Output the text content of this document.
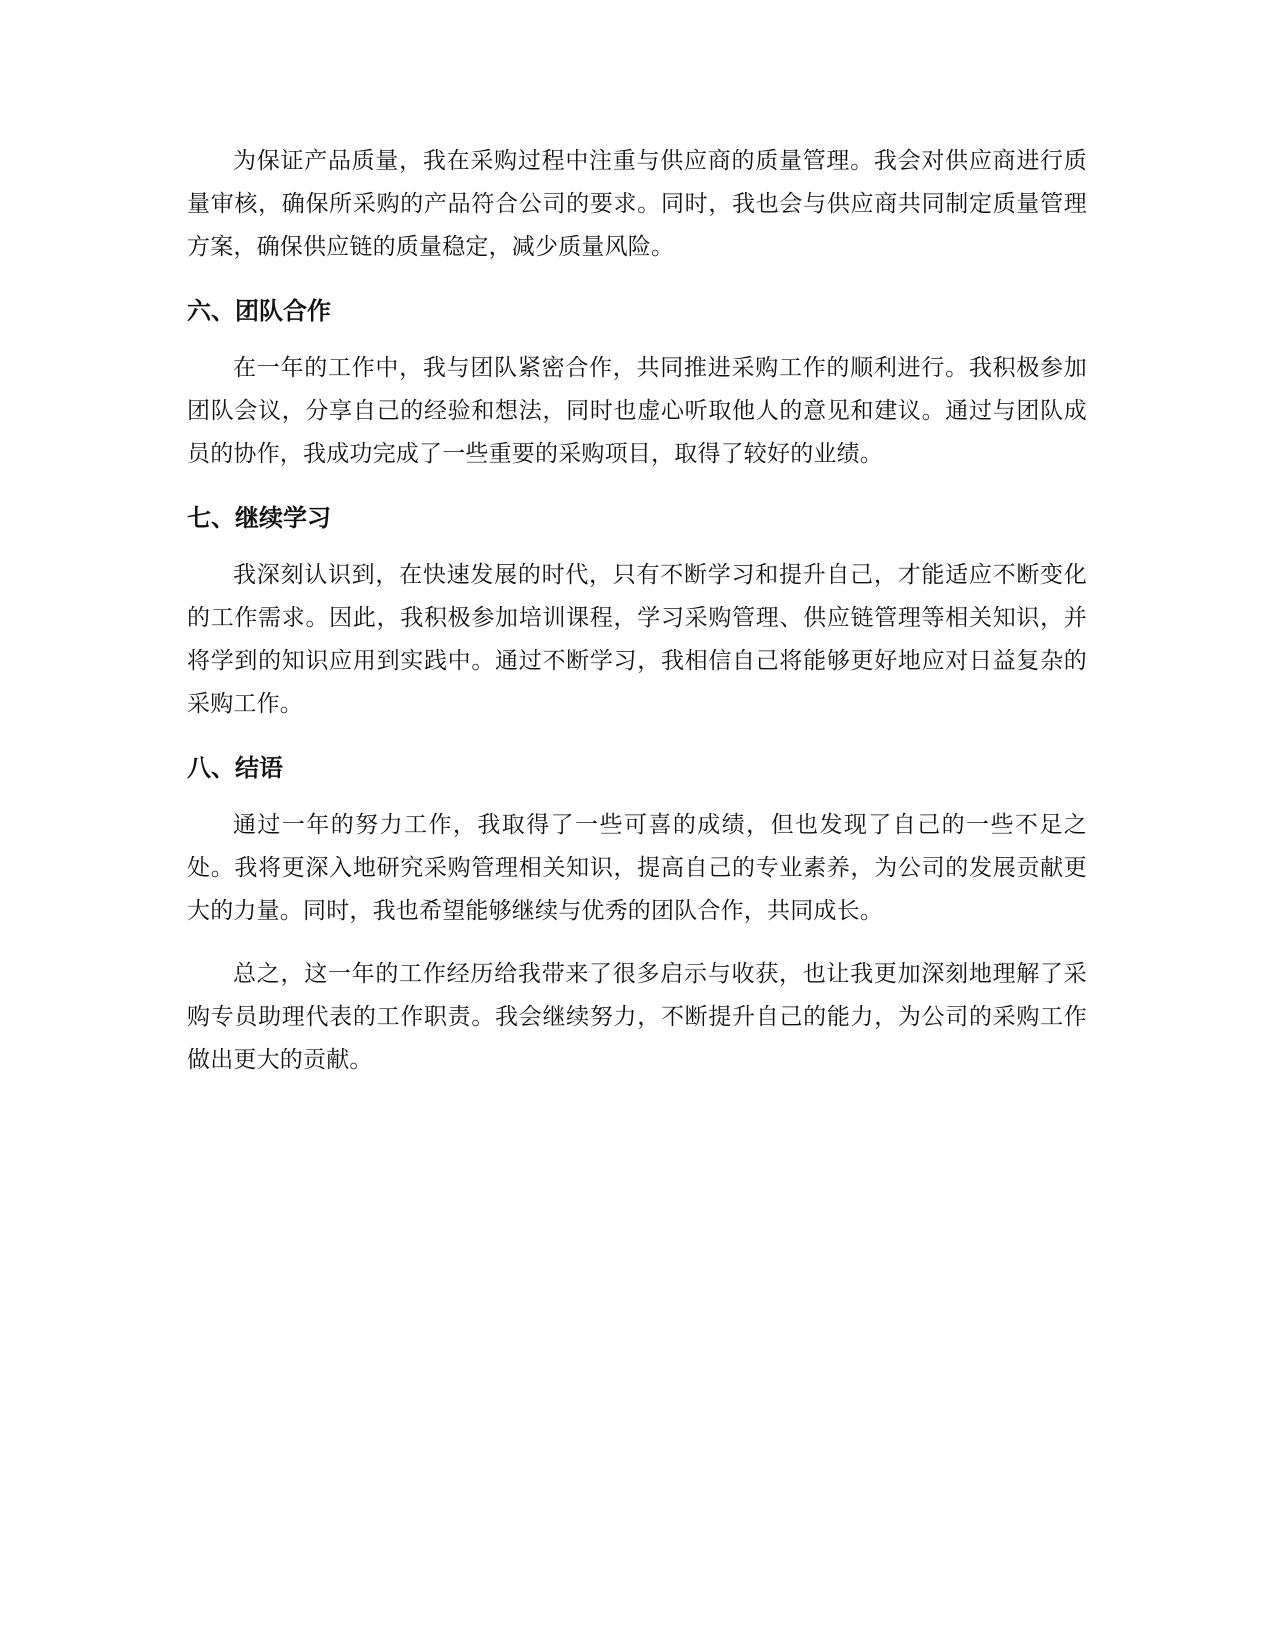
为保证产品质量，我在采购过程中注重与供应商的质量管理。我会对供应商进行质量审核，确保所采购的产品符合公司的要求。同时，我也会与供应商共同制定质量管理方案，确保供应链的质量稳定，减少质量风险。

六、团队合作

在一年的工作中，我与团队紧密合作，共同推进采购工作的顺利进行。我积极参加团队会议，分享自己的经验和想法，同时也虚心听取他人的意见和建议。通过与团队成员的协作，我成功完成了一些重要的采购项目，取得了较好的业绩。

七、继续学习

我深刻认识到，在快速发展的时代，只有不断学习和提升自己，才能适应不断变化的工作需求。因此，我积极参加培训课程，学习采购管理、供应链管理等相关知识，并将学到的知识应用到实践中。通过不断学习，我相信自己将能够更好地应对日益复杂的采购工作。

八、结语

通过一年的努力工作，我取得了一些可喜的成绩，但也发现了自己的一些不足之处。我将更深入地研究采购管理相关知识，提高自己的专业素养，为公司的发展贡献更大的力量。同时，我也希望能够继续与优秀的团队合作，共同成长。

总之，这一年的工作经历给我带来了很多启示与收获，也让我更加深刻地理解了采购专员助理代表的工作职责。我会继续努力，不断提升自己的能力，为公司的采购工作做出更大的贡献。
